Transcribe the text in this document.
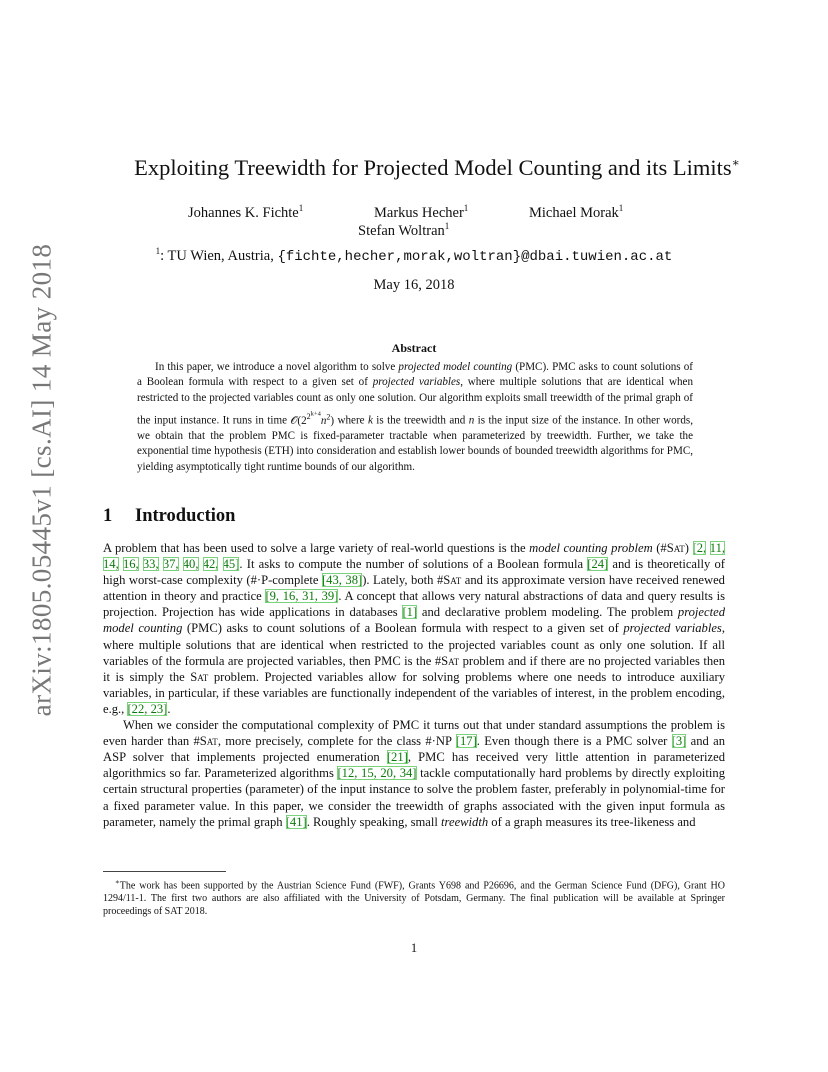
arXiv:1805.05445v1 [cs.AI] 14 May 2018
Exploiting Treewidth for Projected Model Counting and its Limits∗
Johannes K. Fichte$^1$	Markus Hecher$^1$	Michael Morak$^1$
Stefan Woltran$^1$
$^1$: TU Wien, Austria, {fichte,hecher,morak,woltran}@dbai.tuwien.ac.at
May 16, 2018
Abstract

In this paper, we introduce a novel algorithm to solve projected model counting (PMC). PMC asks to count solutions of a Boolean formula with respect to a given set of projected variables, where multiple solutions that are identical when restricted to the projected variables count as only one solution. Our algorithm exploits small treewidth of the primal graph of the input instance. It runs in time $𝒪(2^{2^{k+4}}n^2)$ where k is the treewidth and n is the input size of the instance. In other words, we obtain that the problem PMC is fixed-parameter tractable when parameterized by treewidth. Further, we take the exponential time hypothesis (ETH) into consideration and establish lower bounds of bounded treewidth algorithms for PMC, yielding asymptotically tight runtime bounds of our algorithm.

1 Introduction

A problem that has been used to solve a large variety of real-world questions is the model counting problem (#Sat) [2, 11, 14, 16, 33, 37, 40, 42, 45]. It asks to compute the number of solutions of a Boolean formula [24] and is theoretically of high worst-case complexity (#·P-complete [43, 38]). Lately, both #Sat and its approximate version have received renewed attention in theory and practice [9, 16, 31, 39]. A concept that allows very natural abstractions of data and query results is projection. Projection has wide applications in databases [1] and declarative problem modeling. The problem projected model counting (PMC) asks to count solutions of a Boolean formula with respect to a given set of projected variables, where multiple solutions that are identical when restricted to the projected variables count as only one solution. If all variables of the formula are projected variables, then PMC is the #Sat problem and if there are no projected variables then it is simply the Sat problem. Projected variables allow for solving problems where one needs to introduce auxiliary variables, in particular, if these variables are functionally independent of the variables of interest, in the problem encoding, e.g., [22, 23].

When we consider the computational complexity of PMC it turns out that under standard assumptions the problem is even harder than #Sat, more precisely, complete for the class #·NP [17]. Even though there is a PMC solver [3] and an ASP solver that implements projected enumeration [21], PMC has received very little attention in parameterized algorithmics so far. Parameterized algorithms [12, 15, 20, 34] tackle computationally hard problems by directly exploiting certain structural properties (parameter) of the input instance to solve the problem faster, preferably in polynomial-time for a fixed parameter value. In this paper, we consider the treewidth of graphs associated with the given input formula as parameter, namely the primal graph [41]. Roughly speaking, small treewidth of a graph measures its tree-likeness and

∗The work has been supported by the Austrian Science Fund (FWF), Grants Y698 and P26696, and the German Science Fund (DFG), Grant HO 1294/11-1. The first two authors are also affiliated with the University of Potsdam, Germany. The final publication will be available at Springer proceedings of SAT 2018.
1
